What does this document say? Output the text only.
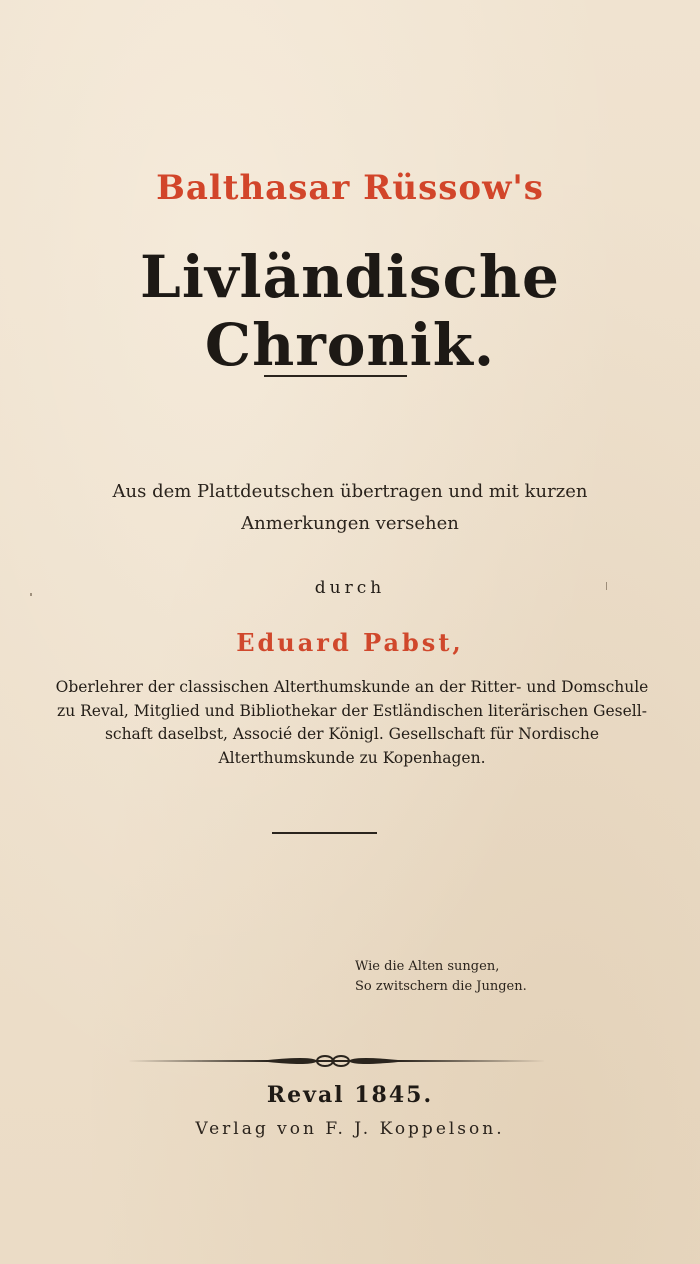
Balthasar Rüssow's
Livländische Chronik.
Aus dem Plattdeutschen übertragen und mit kurzen
Anmerkungen versehen
durch
Eduard Pabst,
Oberlehrer der classischen Alterthumskunde an der Ritter- und Domschule
zu Reval, Mitglied und Bibliothekar der Estländischen literärischen Gesell-
schaft daselbst, Associé der Königl. Gesellschaft für Nordische
Alterthumskunde zu Kopenhagen.
Wie die Alten sungen,
So zwitschern die Jungen.
Reval 1845.
Verlag von F. J. Koppelson.
